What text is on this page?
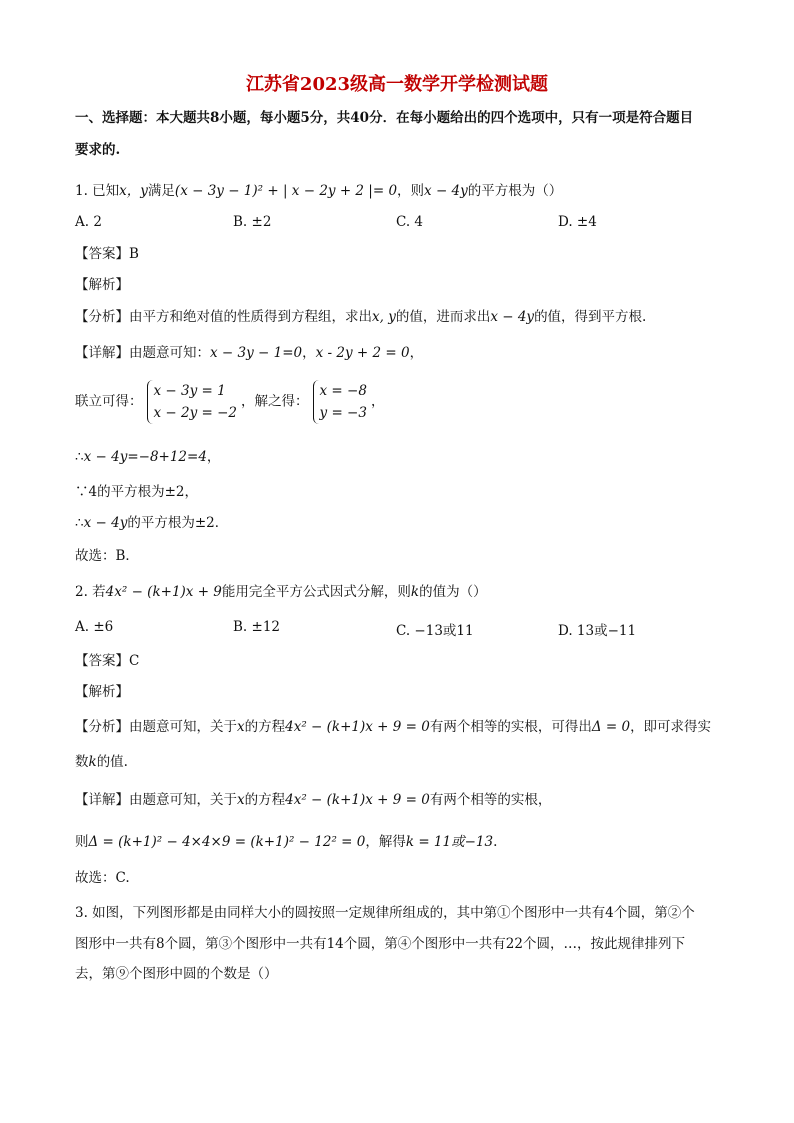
江苏省2023级高一数学开学检测试题
一、选择题：本大题共8小题，每小题5分，共40分．在每小题给出的四个选项中，只有一项是符合题目
要求的.
1. 已知x，y满足(x − 3y − 1)² + | x − 2y + 2 |= 0，则x − 4y的平方根为（）
A. 2	B. ±2	C. 4	D. ±4
【答案】B
【解析】
【分析】由平方和绝对值的性质得到方程组，求出x, y的值，进而求出x − 4y的值，得到平方根.
【详解】由题意可知：x − 3y − 1=0，x - 2y + 2 = 0，
联立可得：
x − 3y = 1
x − 2y = −2
，解之得：
x = −8
y = −3
，
∴x − 4y=−8+12=4，
∵4的平方根为±2，
∴x − 4y的平方根为±2．
故选：B．
2. 若4x² − (k+1)x + 9能用完全平方公式因式分解，则k的值为（）
A. ±6	B. ±12	C. −13或11	D. 13或−11
【答案】C
【解析】
【分析】由题意可知，关于x的方程4x² − (k+1)x + 9 = 0有两个相等的实根，可得出Δ = 0，即可求得实
数k的值.
【详解】由题意可知，关于x的方程4x² − (k+1)x + 9 = 0有两个相等的实根，
则Δ = (k+1)² − 4×4×9 = (k+1)² − 12² = 0，解得k = 11或−13.
故选：C.
3. 如图，下列图形都是由同样大小的圆按照一定规律所组成的，其中第①个图形中一共有4个圆，第②个
图形中一共有8个圆，第③个图形中一共有14个圆，第④个图形中一共有22个圆，…，按此规律排列下
去，第⑨个图形中圆的个数是（）
